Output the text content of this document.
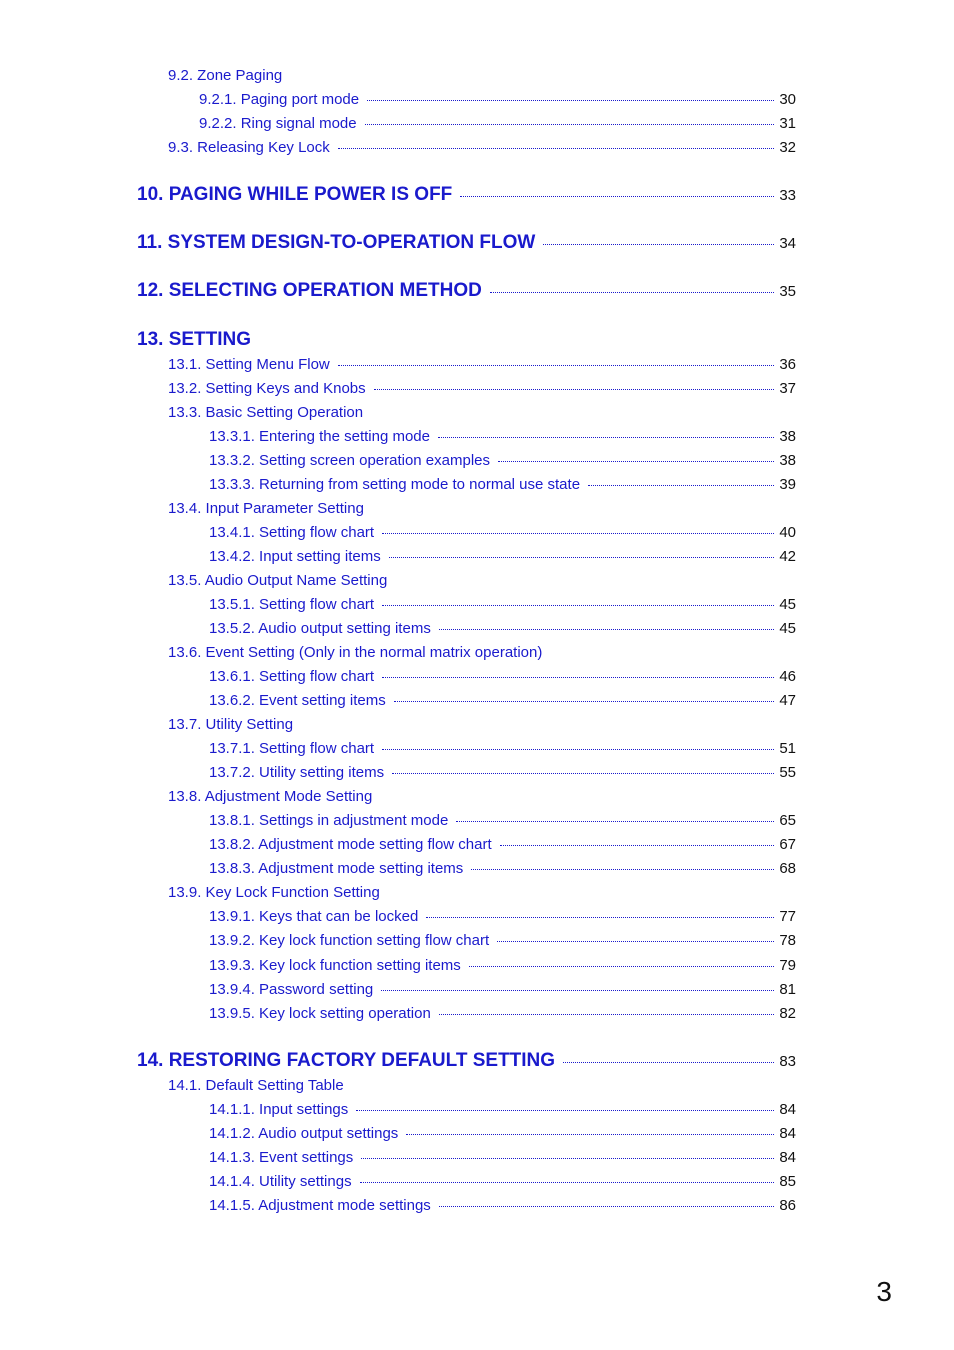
9.2. Zone Paging
9.2.1. Paging port mode	30
9.2.2. Ring signal mode	31
9.3. Releasing Key Lock	32
10. PAGING WHILE POWER IS OFF	33
11. SYSTEM DESIGN-TO-OPERATION FLOW	34
12. SELECTING OPERATION METHOD	35
13. SETTING
13.1. Setting Menu Flow	36
13.2. Setting Keys and Knobs	37
13.3. Basic Setting Operation
13.3.1. Entering the setting mode	38
13.3.2. Setting screen operation examples	38
13.3.3. Returning from setting mode to normal use state	39
13.4. Input Parameter Setting
13.4.1. Setting flow chart	40
13.4.2. Input setting items	42
13.5. Audio Output Name Setting
13.5.1. Setting flow chart	45
13.5.2. Audio output setting items	45
13.6. Event Setting (Only in the normal matrix operation)
13.6.1. Setting flow chart	46
13.6.2. Event setting items	47
13.7. Utility Setting
13.7.1. Setting flow chart	51
13.7.2. Utility setting items	55
13.8. Adjustment Mode Setting
13.8.1. Settings in adjustment mode	65
13.8.2. Adjustment mode setting flow chart	67
13.8.3. Adjustment mode setting items	68
13.9. Key Lock Function Setting
13.9.1. Keys that can be locked	77
13.9.2. Key lock function setting flow chart	78
13.9.3. Key lock function setting items	79
13.9.4. Password setting	81
13.9.5. Key lock setting operation	82
14. RESTORING FACTORY DEFAULT SETTING	83
14.1. Default Setting Table
14.1.1. Input settings	84
14.1.2. Audio output settings	84
14.1.3. Event settings	84
14.1.4. Utility settings	85
14.1.5. Adjustment mode settings	86
3
